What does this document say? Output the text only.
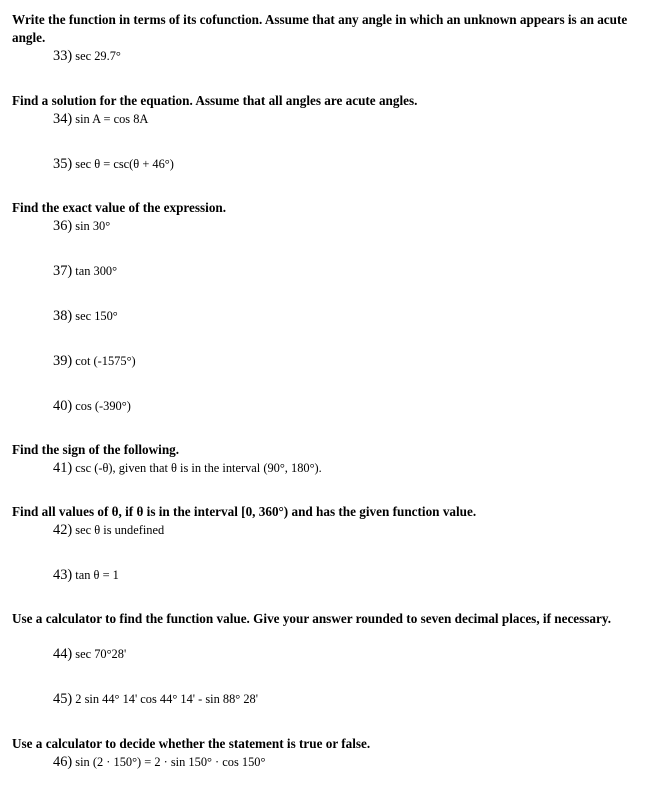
Write the function in terms of its cofunction. Assume that any angle in which an unknown appears is an acute angle.
33) sec 29.7°
Find a solution for the equation. Assume that all angles are acute angles.
34) sin A = cos 8A
35) sec θ = csc(θ + 46°)
Find the exact value of the expression.
36) sin 30°
37) tan 300°
38) sec 150°
39) cot (-1575°)
40) cos (-390°)
Find the sign of the following.
41) csc (-θ), given that θ is in the interval (90°, 180°).
Find all values of θ, if θ is in the interval [0, 360°) and has the given function value.
42) sec θ is undefined
43) tan θ = 1
Use a calculator to find the function value. Give your answer rounded to seven decimal places, if necessary.
44) sec 70°28'
45) 2 sin 44° 14' cos 44° 14' - sin 88° 28'
Use a calculator to decide whether the statement is true or false.
46) sin (2 · 150°) = 2 · sin 150° · cos 150°
